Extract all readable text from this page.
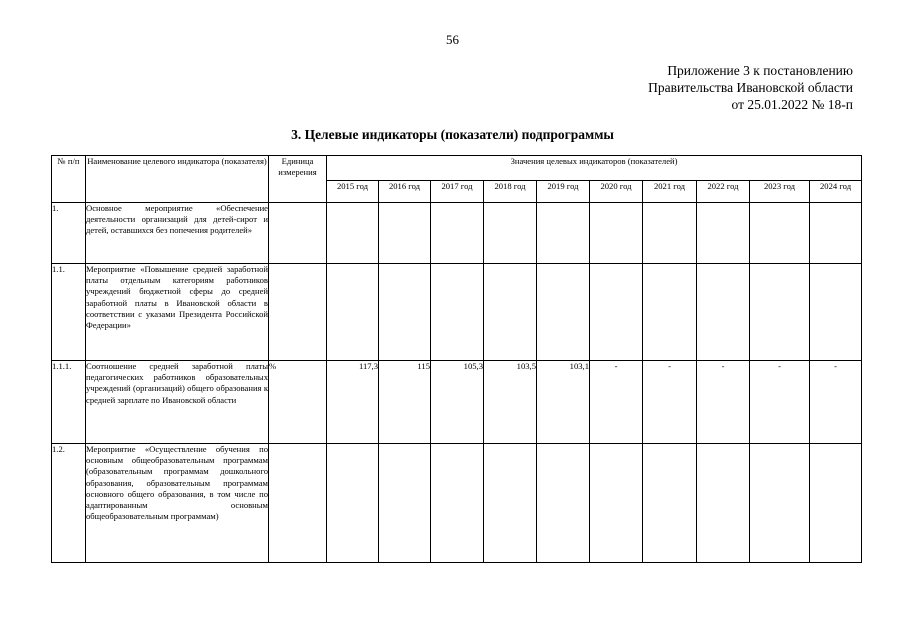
56
Приложение 3 к постановлению
Правительства Ивановской области
от 25.01.2022 № 18-п
3. Целевые индикаторы (показатели) подпрограммы
№ п/п	Наименование целевого индикатора (показателя)	Единица измерения	Значения целевых индикаторов (показателей)									
			2015 год	2016 год	2017 год	2018 год	2019 год	2020 год	2021 год	2022 год	2023 год	2024 год
1.	Основное мероприятие «Обеспечение деятельности организаций для детей-сирот и детей, оставшихся без попечения родителей»											
1.1.	Мероприятие «Повышение средней заработной платы отдельным категориям работников учреждений бюджетной сферы до средней заработной платы в Ивановской области в соответствии с указами Президента Российской Федерации»											
1.1.1.	Соотношение средней заработной платы педагогических работников образовательных учреждений (организаций) общего образования к средней зарплате по Ивановской области	%	117,3	115	105,3	103,5	103,1	-	-	-	-	-
1.2.	Мероприятие «Осуществление обучения по основным общеобразовательным программам (образовательным программам дошкольного образования, образовательным программам основного общего образования, в том числе по адаптированным основным общеобразовательным программам)											
